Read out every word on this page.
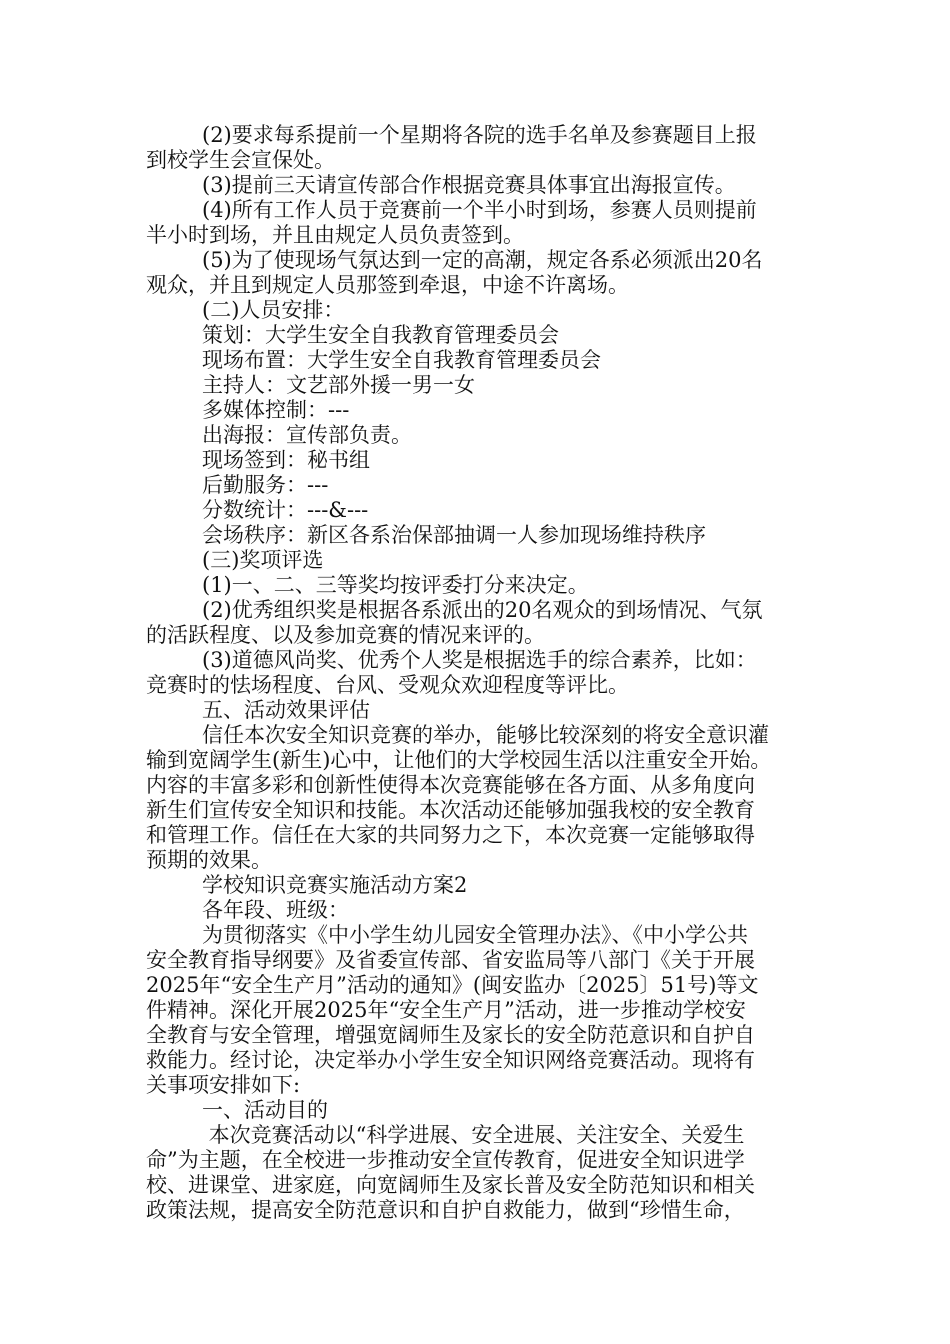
(2)要求每系提前一个星期将各院的选手名单及参赛题目上报

到校学生会宣保处。

(3)提前三天请宣传部合作根据竞赛具体事宜出海报宣传。

(4)所有工作人员于竞赛前一个半小时到场，参赛人员则提前

半小时到场，并且由规定人员负责签到。

(5)为了使现场气氛达到一定的高潮，规定各系必须派出20名

观众，并且到规定人员那签到牵退，中途不许离场。

(二)人员安排：

策划：大学生安全自我教育管理委员会

现场布置：大学生安全自我教育管理委员会

主持人：文艺部外援一男一女

多媒体控制：---

出海报：宣传部负责。

现场签到：秘书组

后勤服务：---

分数统计：---&---

会场秩序：新区各系治保部抽调一人参加现场维持秩序

(三)奖项评选

(1)一、二、三等奖均按评委打分来决定。

(2)优秀组织奖是根据各系派出的20名观众的到场情况、气氛

的活跃程度、以及参加竞赛的情况来评的。

(3)道德风尚奖、优秀个人奖是根据选手的综合素养，比如：

竞赛时的怯场程度、台风、受观众欢迎程度等评比。

五、活动效果评估

信任本次安全知识竞赛的举办，能够比较深刻的将安全意识灌

输到宽阔学生(新生)心中，让他们的大学校园生活以注重安全开始。

内容的丰富多彩和创新性使得本次竞赛能够在各方面、从多角度向

新生们宣传安全知识和技能。本次活动还能够加强我校的安全教育

和管理工作。信任在大家的共同努力之下，本次竞赛一定能够取得

预期的效果。

学校知识竞赛实施活动方案2

各年段、班级：

为贯彻落实《中小学生幼儿园安全管理办法》、《中小学公共

安全教育指导纲要》及省委宣传部、省安监局等八部门《关于开展

2025年“安全生产月”活动的通知》(闽安监办〔2025〕51号)等文

件精神。深化开展2025年“安全生产月”活动，进一步推动学校安

全教育与安全管理，增强宽阔师生及家长的安全防范意识和自护自

救能力。经讨论，决定举办小学生安全知识网络竞赛活动。现将有

关事项安排如下:

一、活动目的

本次竞赛活动以“科学进展、安全进展、关注安全、关爱生

命”为主题，在全校进一步推动安全宣传教育，促进安全知识进学

校、进课堂、进家庭，向宽阔师生及家长普及安全防范知识和相关

政策法规，提高安全防范意识和自护自救能力，做到“珍惜生命，
